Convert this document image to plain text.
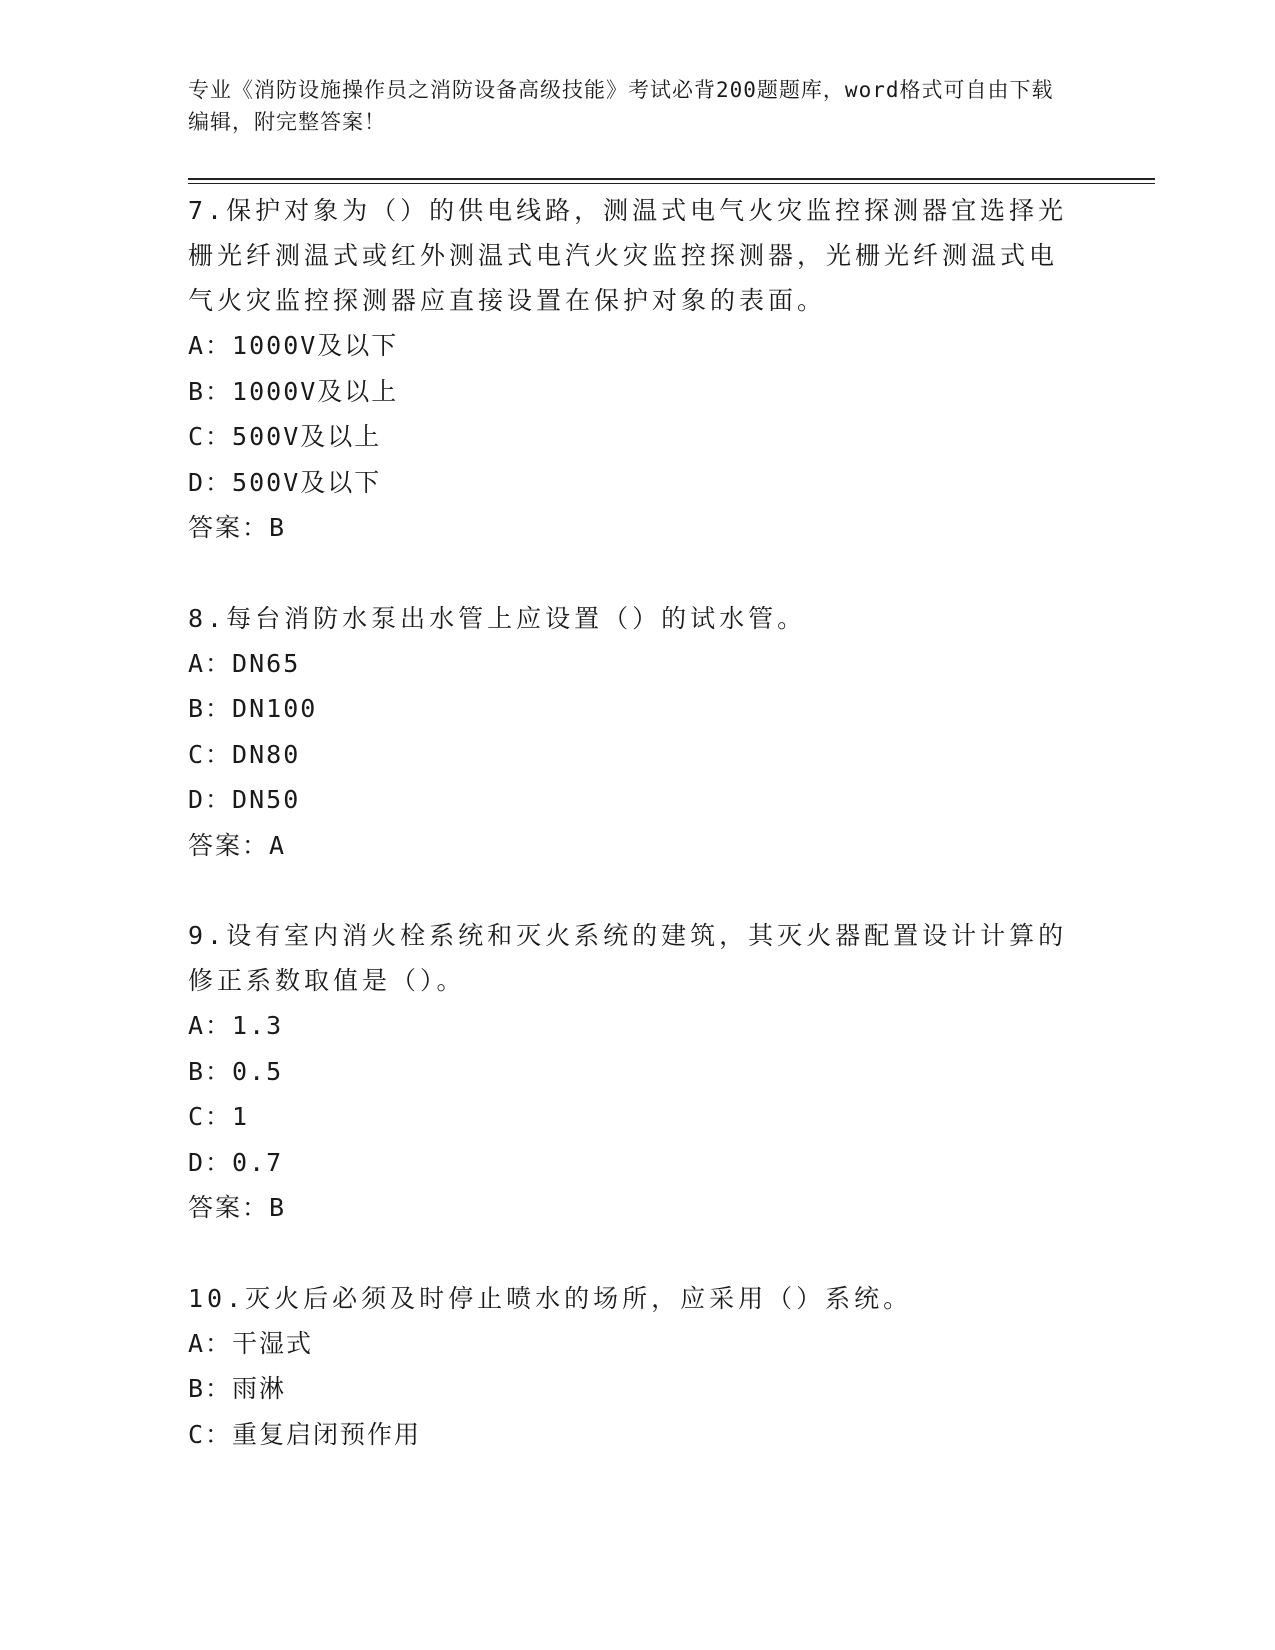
专业《消防设施操作员之消防设备高级技能》考试必背200题题库，word格式可自由下载编辑，附完整答案！

7.保护对象为（）的供电线路，测温式电气火灾监控探测器宜选择光栅光纤测温式或红外测温式电汽火灾监控探测器，光栅光纤测温式电气火灾监控探测器应直接设置在保护对象的表面。

A：1000V及以下

B：1000V及以上

C：500V及以上

D：500V及以下

答案：B

8.每台消防水泵出水管上应设置（）的试水管。

A：DN65

B：DN100

C：DN80

D：DN50

答案：A

9.设有室内消火栓系统和灭火系统的建筑，其灭火器配置设计计算的修正系数取值是（）。

A：1.3

B：0.5

C：1

D：0.7

答案：B

10.灭火后必须及时停止喷水的场所，应采用（）系统。

A：干湿式

B：雨淋

C：重复启闭预作用
